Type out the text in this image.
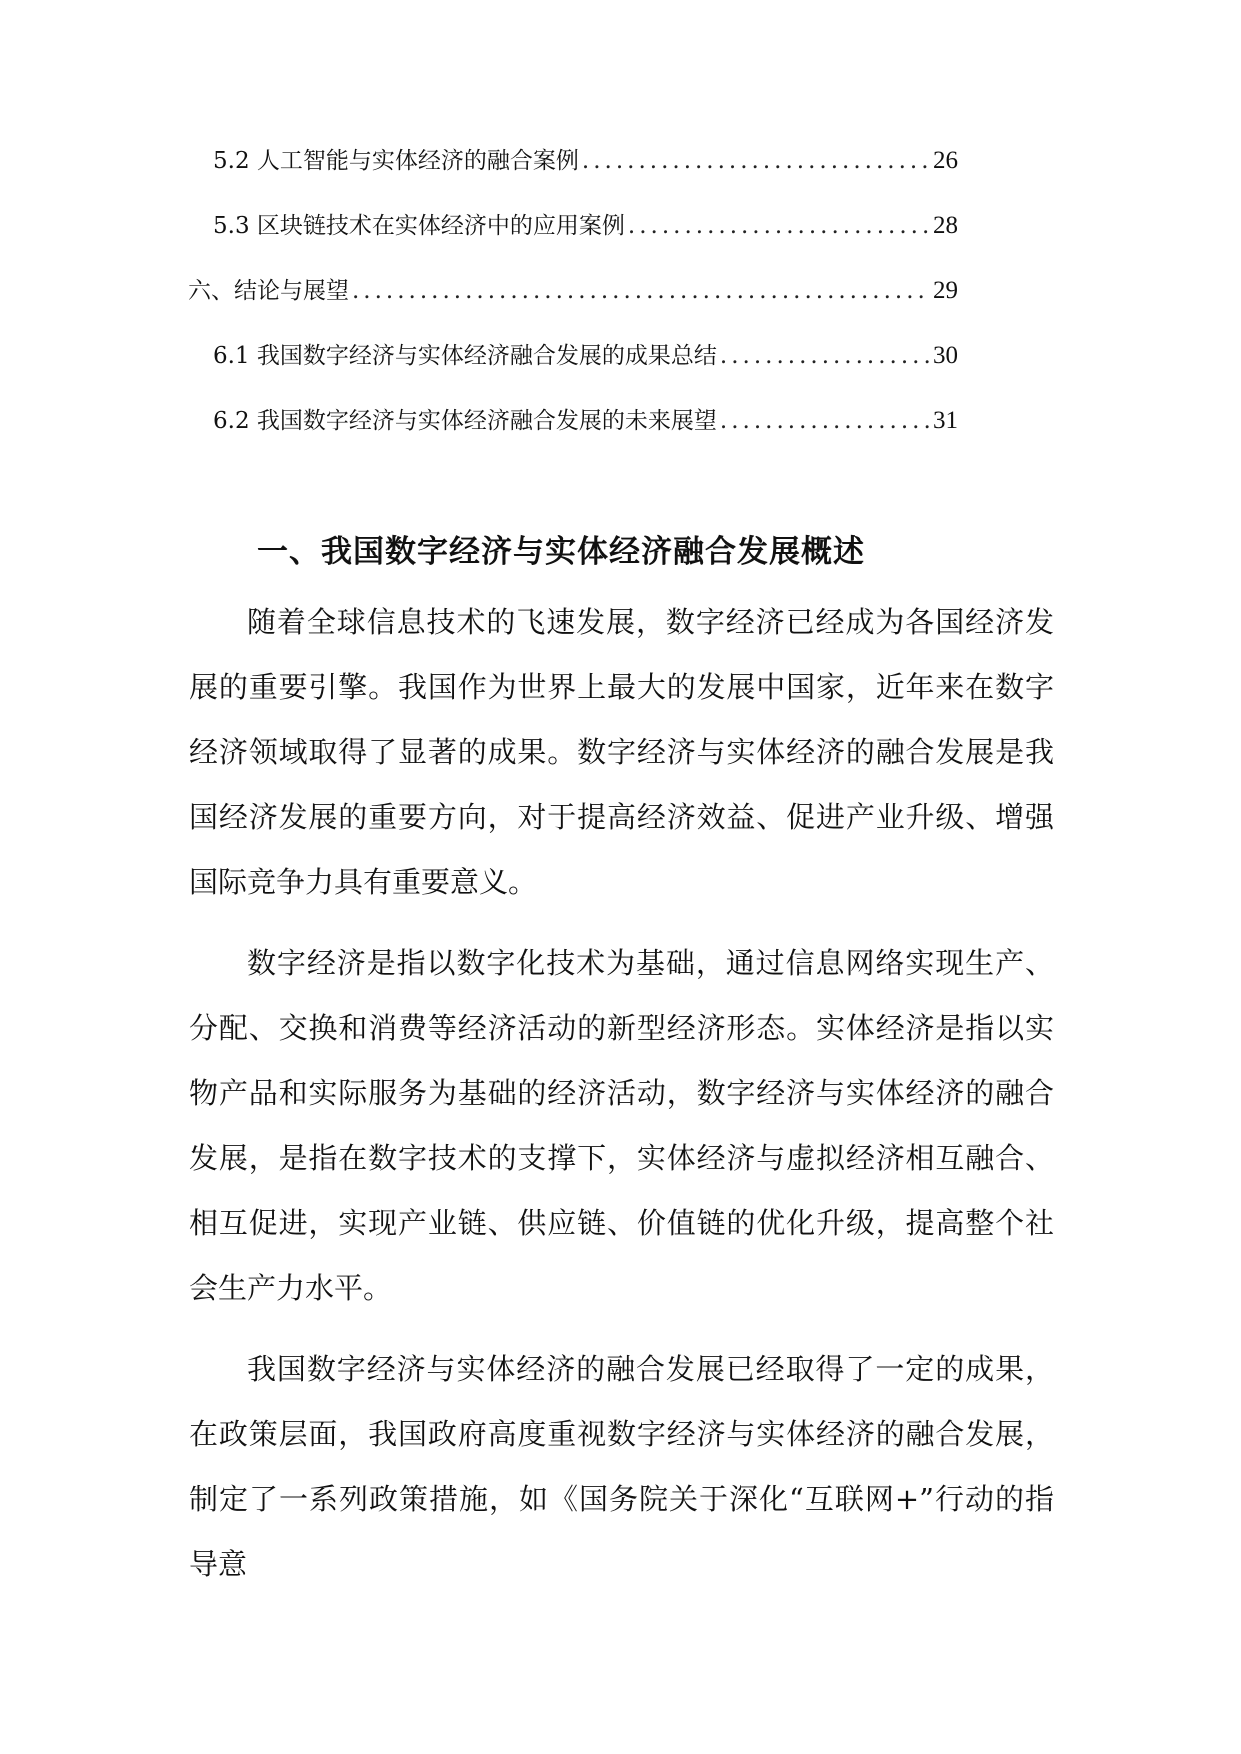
5.2 人工智能与实体经济的融合案例 .....	26
5.3 区块链技术在实体经济中的应用案例 .....	28
六、结论与展望 .....	29
6.1 我国数字经济与实体经济融合发展的成果总结 .....	30
6.2 我国数字经济与实体经济融合发展的未来展望 .....	31
一、我国数字经济与实体经济融合发展概述

随着全球信息技术的飞速发展，数字经济已经成为各国经济发展的重要引擎。我国作为世界上最大的发展中国家，近年来在数字经济领域取得了显著的成果。数字经济与实体经济的融合发展是我国经济发展的重要方向，对于提高经济效益、促进产业升级、增强国际竞争力具有重要意义。

数字经济是指以数字化技术为基础，通过信息网络实现生产、分配、交换和消费等经济活动的新型经济形态。实体经济是指以实物产品和实际服务为基础的经济活动，数字经济与实体经济的融合发展，是指在数字技术的支撑下，实体经济与虚拟经济相互融合、相互促进，实现产业链、供应链、价值链的优化升级，提高整个社会生产力水平。

我国数字经济与实体经济的融合发展已经取得了一定的成果，在政策层面，我国政府高度重视数字经济与实体经济的融合发展，制定了一系列政策措施，如《国务院关于深化“互联网+”行动的指导意
